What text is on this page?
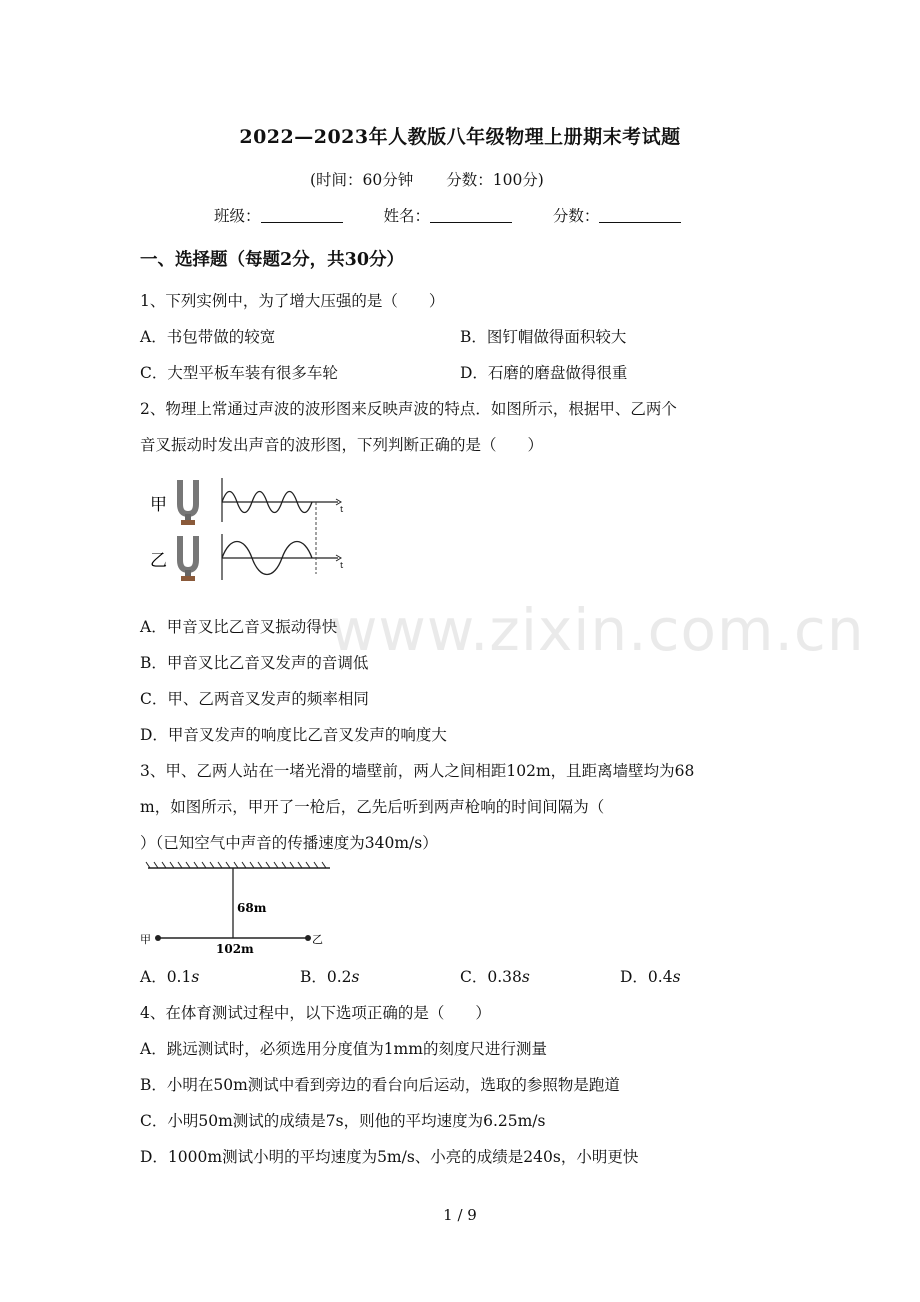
2022—2023年人教版八年级物理上册期末考试题
(时间：60分钟 分数：100分)
班级：	姓名：	分数：
一、选择题（每题2分，共30分）
1、下列实例中，为了增大压强的是（　　）
A．书包带做的较宽	B．图钉帽做得面积较大
C．大型平板车装有很多车轮	D．石磨的磨盘做得很重
2、物理上常通过声波的波形图来反映声波的特点．如图所示，根据甲、乙两个
音叉振动时发出声音的波形图，下列判断正确的是（　　）
甲
乙
t
t
A．甲音叉比乙音叉振动得快
B．甲音叉比乙音叉发声的音调低
C．甲、乙两音叉发声的频率相同
D．甲音叉发声的响度比乙音叉发声的响度大
3、甲、乙两人站在一堵光滑的墙壁前，两人之间相距102m，且距离墙壁均为68
m，如图所示，甲开了一枪后，乙先后听到两声枪响的时间间隔为（
）（已知空气中声音的传播速度为340m/s）
68m
甲	乙
102m
A．0.1s	B．0.2s	C．0.38s	D．0.4s
4、在体育测试过程中，以下选项正确的是（　　）
A．跳远测试时，必须选用分度值为1mm的刻度尺进行测量
B．小明在50m测试中看到旁边的看台向后运动，选取的参照物是跑道
C．小明50m测试的成绩是7s，则他的平均速度为6.25m/s
D．1000m测试小明的平均速度为5m/s、小亮的成绩是240s，小明更快
www.zixin.com.cn
1 / 9
